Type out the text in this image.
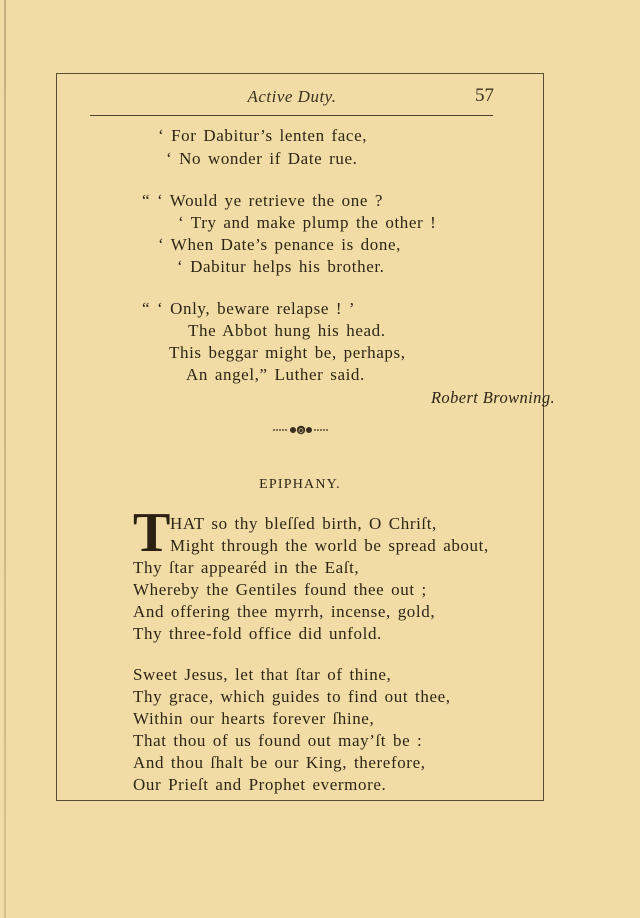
Active Duty.	57
‘ For Dabitur’s lenten face,
‘ No wonder if Date rue.
“ ‘ Would ye retrieve the one ?
‘ Try and make plump the other !
‘ When Date’s penance is done,
‘ Dabitur helps his brother.
“ ‘ Only, beware relapse ! ’
The Abbot hung his head.
This beggar might be, perhaps,
An angel,” Luther said.
Robert Browning.
EPIPHANY.
T HAT so thy bleſſed birth, O Chriſt,
Might through the world be spread about,
Thy ſtar appearéd in the Eaſt,
Whereby the Gentiles found thee out ;
And offering thee myrrh, incense, gold,
Thy three-fold office did unfold.
Sweet Jesus, let that ſtar of thine,
Thy grace, which guides to find out thee,
Within our hearts forever ſhine,
That thou of us found out may’ſt be :
And thou ſhalt be our King, therefore,
Our Prieſt and Prophet evermore.
